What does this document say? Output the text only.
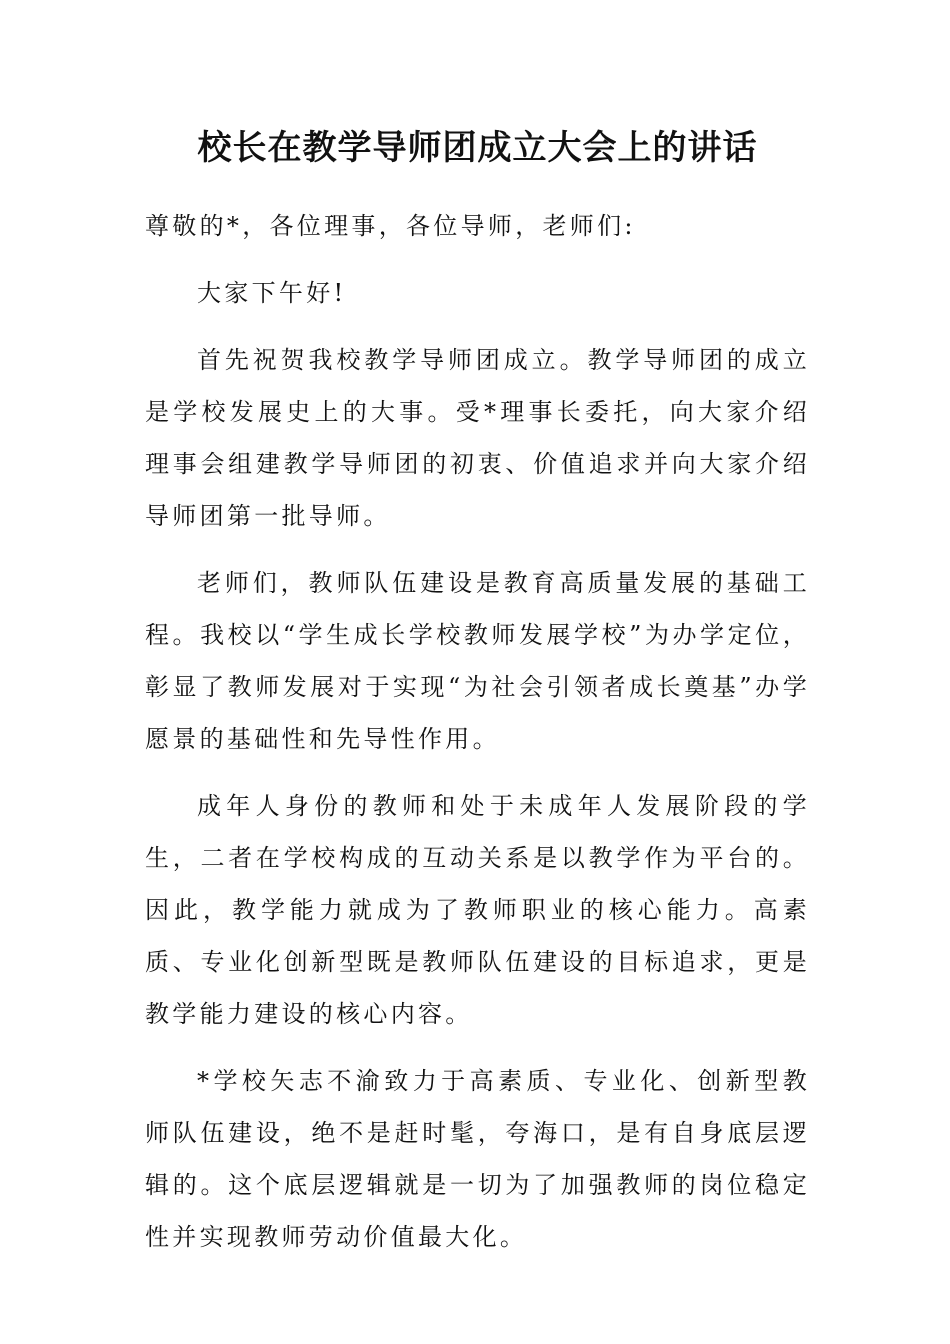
校长在教学导师团成立大会上的讲话

尊敬的*，各位理事，各位导师，老师们:

大家下午好!

首先祝贺我校教学导师团成立。教学导师团的成立是学校发展史上的大事。受*理事长委托，向大家介绍理事会组建教学导师团的初衷、价值追求并向大家介绍导师团第一批导师。

老师们，教师队伍建设是教育高质量发展的基础工程。我校以“学生成长学校教师发展学校”为办学定位，彰显了教师发展对于实现“为社会引领者成长奠基”办学愿景的基础性和先导性作用。

成年人身份的教师和处于未成年人发展阶段的学生，二者在学校构成的互动关系是以教学作为平台的。因此，教学能力就成为了教师职业的核心能力。高素质、专业化创新型既是教师队伍建设的目标追求，更是教学能力建设的核心内容。

*学校矢志不渝致力于高素质、专业化、创新型教师队伍建设，绝不是赶时髦，夸海口，是有自身底层逻辑的。这个底层逻辑就是一切为了加强教师的岗位稳定性并实现教师劳动价值最大化。
